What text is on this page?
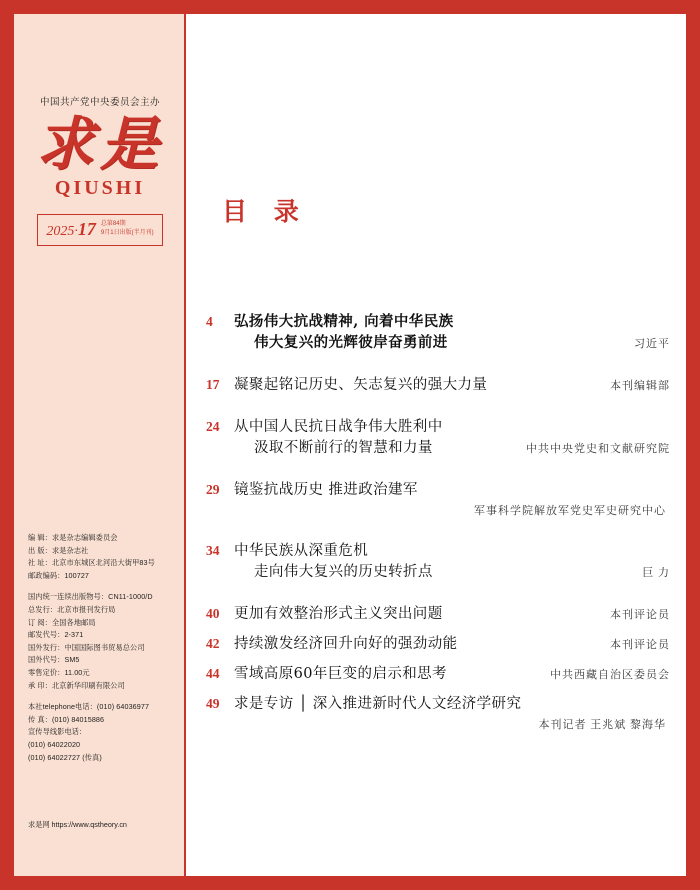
中国共产党中央委员会主办
求是
QIUSHI
2025·17 总第84期
9月1日出版(半月刊)
编 辑：求是杂志编辑委员会
出 版：求是杂志社
社 址：北京市东城区北河沿大街甲83号
邮政编码：100727
国内统一连续出版物号：CN11-1000/D
总发行：北京市报刊发行局
订 阅：全国各地邮局
邮发代号：2-371
国外发行：中国国际图书贸易总公司
国外代号：SM5
零售定价：11.00元
承 印：北京新华印刷有限公司
本社telephone电话：(010) 64036977
传 真：(010) 84015886
宣传导线影电话：
(010) 64022020
(010) 64022727 (传真)
求是网 https://www.qstheory.cn
目 录
4	弘扬伟大抗战精神, 向着中华民族
伟大复兴的光辉彼岸奋勇前进	习近平
17	凝聚起铭记历史、矢志复兴的强大力量	本刊编辑部
24	从中国人民抗日战争伟大胜利中
汲取不断前行的智慧和力量	中共中央党史和文献研究院
29	镜鉴抗战历史 推进政治建军
军事科学院解放军党史军史研究中心
34	中华民族从深重危机
走向伟大复兴的历史转折点	巨 力
40	更加有效整治形式主义突出问题	本刊评论员
42	持续激发经济回升向好的强劲动能	本刊评论员
44	雪域高原60年巨变的启示和思考	中共西藏自治区委员会
49	求是专访 │ 深入推进新时代人文经济学研究
本刊记者 王兆斌 黎海华
